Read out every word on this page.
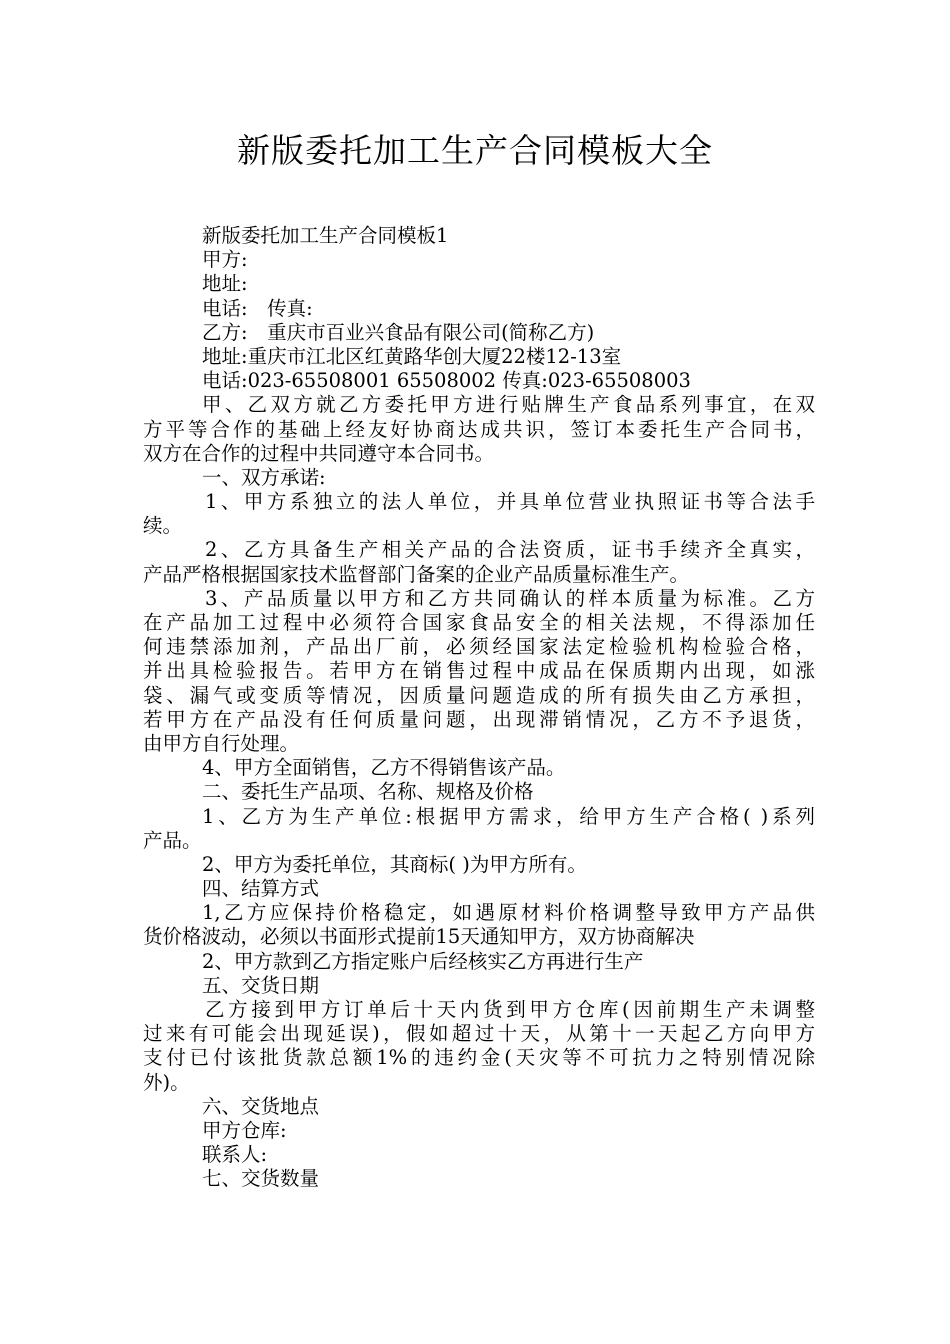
新版委托加工生产合同模板大全
新版委托加工生产合同模板1
甲方:
地址:
电话:　传真:
乙方:　重庆市百业兴食品有限公司(简称乙方)
地址:重庆市江北区红黄路华创大厦22楼12-13室
电话:023-65508001 65508002 传真:023-65508003
甲、乙双方就乙方委托甲方进行贴牌生产食品系列事宜，在双
方平等合作的基础上经友好协商达成共识，签订本委托生产合同书，
双方在合作的过程中共同遵守本合同书。
一、双方承诺:
1、甲方系独立的法人单位，并具单位营业执照证书等合法手
续。
2、乙方具备生产相关产品的合法资质，证书手续齐全真实，
产品严格根据国家技术监督部门备案的企业产品质量标准生产。
3、产品质量以甲方和乙方共同确认的样本质量为标准。乙方
在产品加工过程中必须符合国家食品安全的相关法规，不得添加任
何违禁添加剂，产品出厂前，必须经国家法定检验机构检验合格，
并出具检验报告。若甲方在销售过程中成品在保质期内出现，如涨
袋、漏气或变质等情况，因质量问题造成的所有损失由乙方承担，
若甲方在产品没有任何质量问题，出现滞销情况，乙方不予退货，
由甲方自行处理。
4、甲方全面销售，乙方不得销售该产品。
二、委托生产品项、名称、规格及价格
1、乙方为生产单位:根据甲方需求，给甲方生产合格( )系列
产品。
2、甲方为委托单位，其商标( )为甲方所有。
四、结算方式
1,乙方应保持价格稳定，如遇原材料价格调整导致甲方产品供
货价格波动，必须以书面形式提前15天通知甲方，双方协商解决
2、甲方款到乙方指定账户后经核实乙方再进行生产
五、交货日期
乙方接到甲方订单后十天内货到甲方仓库(因前期生产未调整
过来有可能会出现延误)，假如超过十天，从第十一天起乙方向甲方
支付已付该批货款总额1%的违约金(天灾等不可抗力之特别情况除
外)。
六、交货地点
甲方仓库:
联系人:
七、交货数量
